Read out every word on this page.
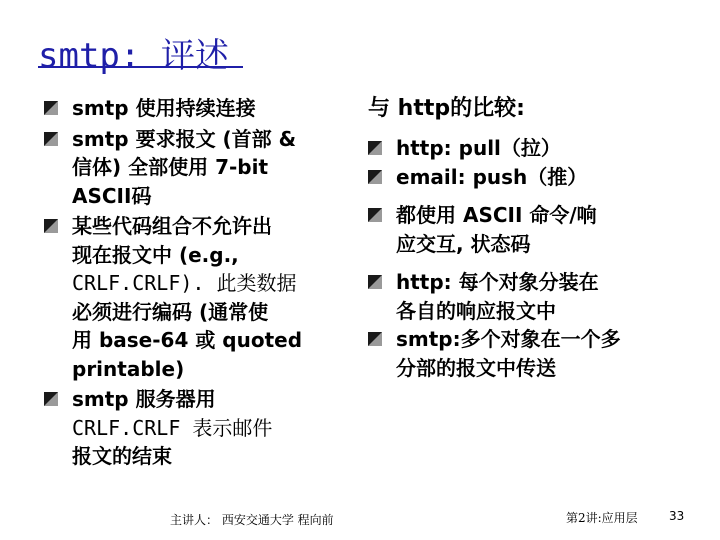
smtp: 评述
smtp 使用持续连接
smtp 要求报文 (首部 &
信体) 全部使用 7-bit
ASCII码
某些代码组合不允许出
现在报文中 (e.g.,
CRLF.CRLF). 此类数据
必须进行编码 (通常使
用 base-64 或 quoted
printable)
smtp 服务器用
CRLF.CRLF 表示邮件
报文的结束
与 http的比较:
http: pull（拉）
email: push（推）
都使用 ASCII 命令/响
应交互, 状态码
http: 每个对象分装在
各自的响应报文中
smtp:多个对象在一个多
分部的报文中传送
主讲人： 西安交通大学 程向前	第2讲:应用层	33
